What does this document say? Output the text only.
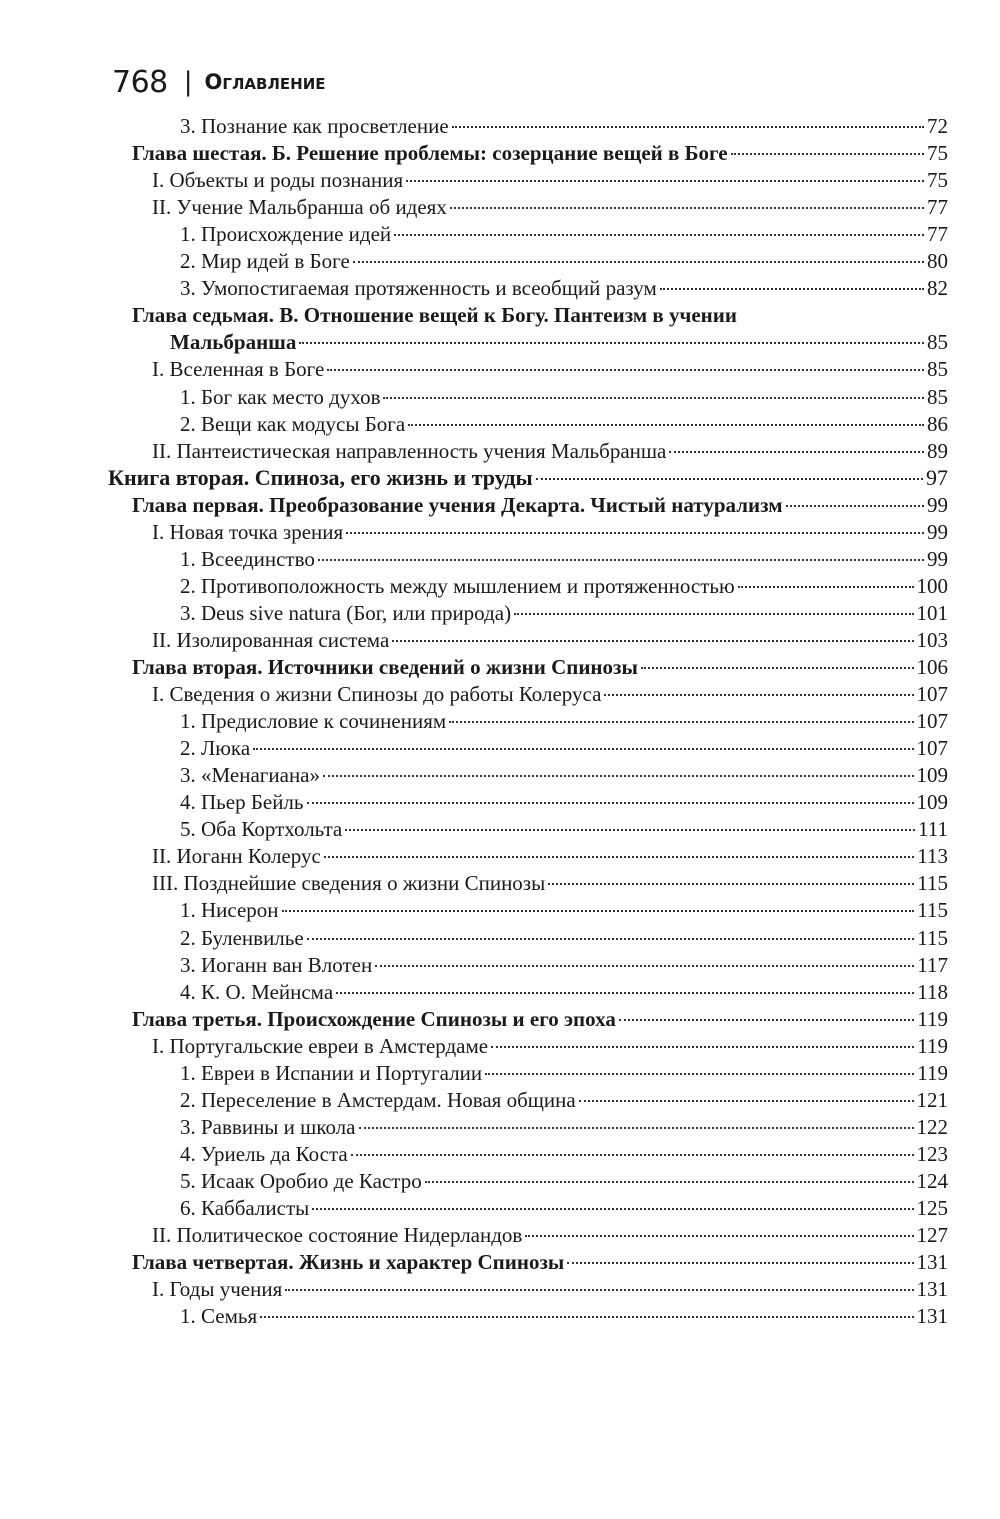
768 | Оглавление
3. Познание как просветление	72
Глава шестая. Б. Решение проблемы: созерцание вещей в Боге	75
I. Объекты и роды познания	75
II. Учение Мальбранша об идеях	77
1. Происхождение идей	77
2. Мир идей в Боге	80
3. Умопостигаемая протяженность и всеобщий разум	82
Глава седьмая. В. Отношение вещей к Богу. Пантеизм в учении
Мальбранша	85
I. Вселенная в Боге	85
1. Бог как место духов	85
2. Вещи как модусы Бога	86
II. Пантеистическая направленность учения Мальбранша	89
Книга вторая. Спиноза, его жизнь и труды	97
Глава первая. Преобразование учения Декарта. Чистый натурализм	99
I. Новая точка зрения	99
1. Всеединство	99
2. Противоположность между мышлением и протяженностью	100
3. Deus sive natura (Бог, или природа)	101
II. Изолированная система	103
Глава вторая. Источники сведений о жизни Спинозы	106
I. Сведения о жизни Спинозы до работы Колеруса	107
1. Предисловие к сочинениям	107
2. Люка	107
3. «Менагиана»	109
4. Пьер Бейль	109
5. Оба Кортхольта	111
II. Иоганн Колерус	113
III. Позднейшие сведения о жизни Спинозы	115
1. Нисерон	115
2. Буленвилье	115
3. Иоганн ван Влотен	117
4. К. О. Мейнсма	118
Глава третья. Происхождение Спинозы и его эпоха	119
I. Португальские евреи в Амстердаме	119
1. Евреи в Испании и Португалии	119
2. Переселение в Амстердам. Новая община	121
3. Раввины и школа	122
4. Уриель да Коста	123
5. Исаак Оробио де Кастро	124
6. Каббалисты	125
II. Политическое состояние Нидерландов	127
Глава четвертая. Жизнь и характер Спинозы	131
I. Годы учения	131
1. Семья	131
